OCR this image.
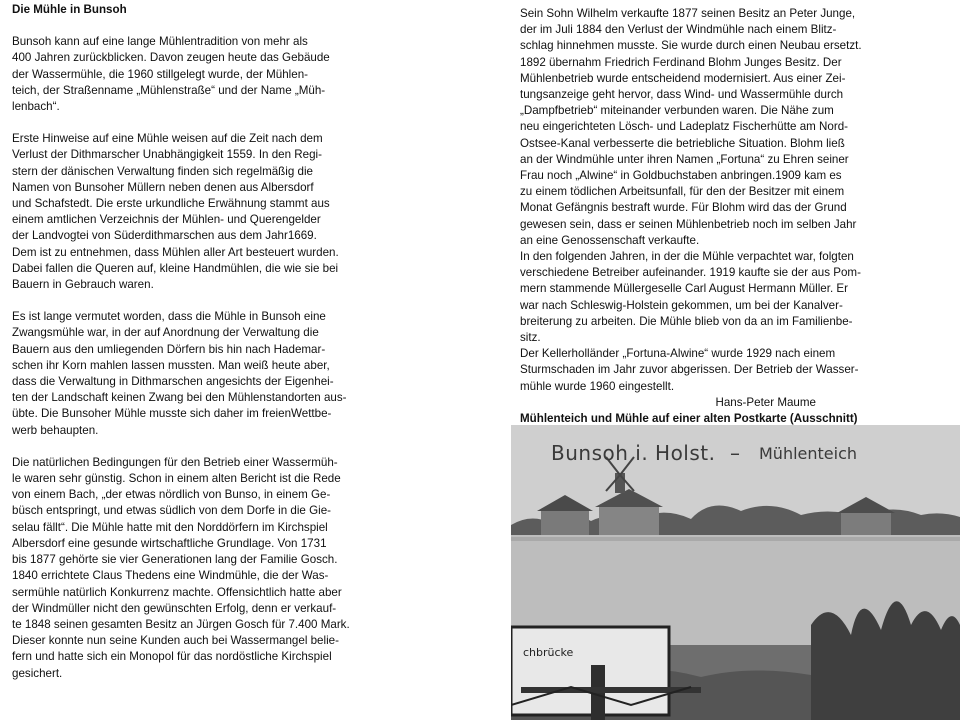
Die Mühle in Bunsoh

Bunsoh kann auf eine lange Mühlentradition von mehr als
400 Jahren zurückblicken. Davon zeugen heute das Gebäude
der Wassermühle, die 1960 stillgelegt wurde, der Mühlen-
teich, der Straßenname „Mühlenstraße“ und der Name „Müh-
lenbach“.

Erste Hinweise auf eine Mühle weisen auf die Zeit nach dem
Verlust der Dithmarscher Unabhängigkeit 1559. In den Regi-
stern der dänischen Verwaltung finden sich regelmäßig die
Namen von Bunsoher Müllern neben denen aus Albersdorf
und Schafstedt. Die erste urkundliche Erwähnung stammt aus
einem amtlichen Verzeichnis der Mühlen- und Querengelder
der Landvogtei von Süderdithmarschen aus dem Jahr1669.
Dem ist zu entnehmen, dass Mühlen aller Art besteuert wurden.
Dabei fallen die Queren auf, kleine Handmühlen, die wie sie bei
Bauern in Gebrauch waren.

Es ist lange vermutet worden, dass die Mühle in Bunsoh eine
Zwangsmühle war, in der auf Anordnung der Verwaltung die
Bauern aus den umliegenden Dörfern bis hin nach Hademar-
schen ihr Korn mahlen lassen mussten. Man weiß heute aber,
dass die Verwaltung in Dithmarschen angesichts der Eigenhei-
ten der Landschaft keinen Zwang bei den Mühlenstandorten aus-
übte. Die Bunsoher Mühle musste sich daher im freienWettbe-
werb behaupten.

Die natürlichen Bedingungen für den Betrieb einer Wassermüh-
le waren sehr günstig. Schon in einem alten Bericht ist die Rede
von einem Bach, „der etwas nördlich von Bunso, in einem Ge-
büsch entspringt, und etwas südlich von dem Dorfe in die Gie-
selau fällt“. Die Mühle hatte mit den Norddörfern im Kirchspiel
Albersdorf eine gesunde wirtschaftliche Grundlage. Von 1731
bis 1877 gehörte sie vier Generationen lang der Familie Gosch.
1840 errichtete Claus Thedens eine Windmühle, die der Was-
sermühle natürlich Konkurrenz machte. Offensichtlich hatte aber
der Windmüller nicht den gewünschten Erfolg, denn er verkauf-
te 1848 seinen gesamten Besitz an Jürgen Gosch für 7.400 Mark.
Dieser konnte nun seine Kunden auch bei Wassermangel belie-
fern und hatte sich ein Monopol für das nordöstliche Kirchspiel
gesichert.

Sein Sohn Wilhelm verkaufte 1877 seinen Besitz an Peter Junge,
der im Juli 1884 den Verlust der Windmühle nach einem Blitz-
schlag hinnehmen musste. Sie wurde durch einen Neubau ersetzt.
1892 übernahm Friedrich Ferdinand Blohm Junges Besitz. Der
Mühlenbetrieb wurde entscheidend modernisiert. Aus einer Zei-
tungsanzeige geht hervor, dass Wind- und Wassermühle durch
„Dampfbetrieb“ miteinander verbunden waren. Die Nähe zum
neu eingerichteten Lösch- und Ladeplatz Fischerhütte am Nord-
Ostsee-Kanal verbesserte die betriebliche Situation. Blohm ließ
an der Windmühle unter ihren Namen „Fortuna“ zu Ehren seiner
Frau noch „Alwine“ in Goldbuchstaben anbringen.1909 kam es
zu einem tödlichen Arbeitsunfall, für den der Besitzer mit einem
Monat Gefängnis bestraft wurde. Für Blohm wird das der Grund
gewesen sein, dass er seinen Mühlenbetrieb noch im selben Jahr
an eine Genossenschaft verkaufte.

In den folgenden Jahren, in der die Mühle verpachtet war, folgten
verschiedene Betreiber aufeinander. 1919 kaufte sie der aus Pom-
mern stammende Müllergeselle Carl August Hermann Müller. Er
war nach Schleswig-Holstein gekommen, um bei der Kanalver-
breiterung zu arbeiten. Die Mühle blieb von da an im Familienbe-
sitz.

Der Kellerholländer „Fortuna-Alwine“ wurde 1929 nach einem
Sturmschaden im Jahr zuvor abgerissen. Der Betrieb der Wasser-
mühle wurde 1960 eingestellt.

Hans-Peter Maume

Mühlenteich und Mühle auf einer alten Postkarte (Ausschnitt)

Bunsoh i. Holst. – Mühlenteich
chbrücke
